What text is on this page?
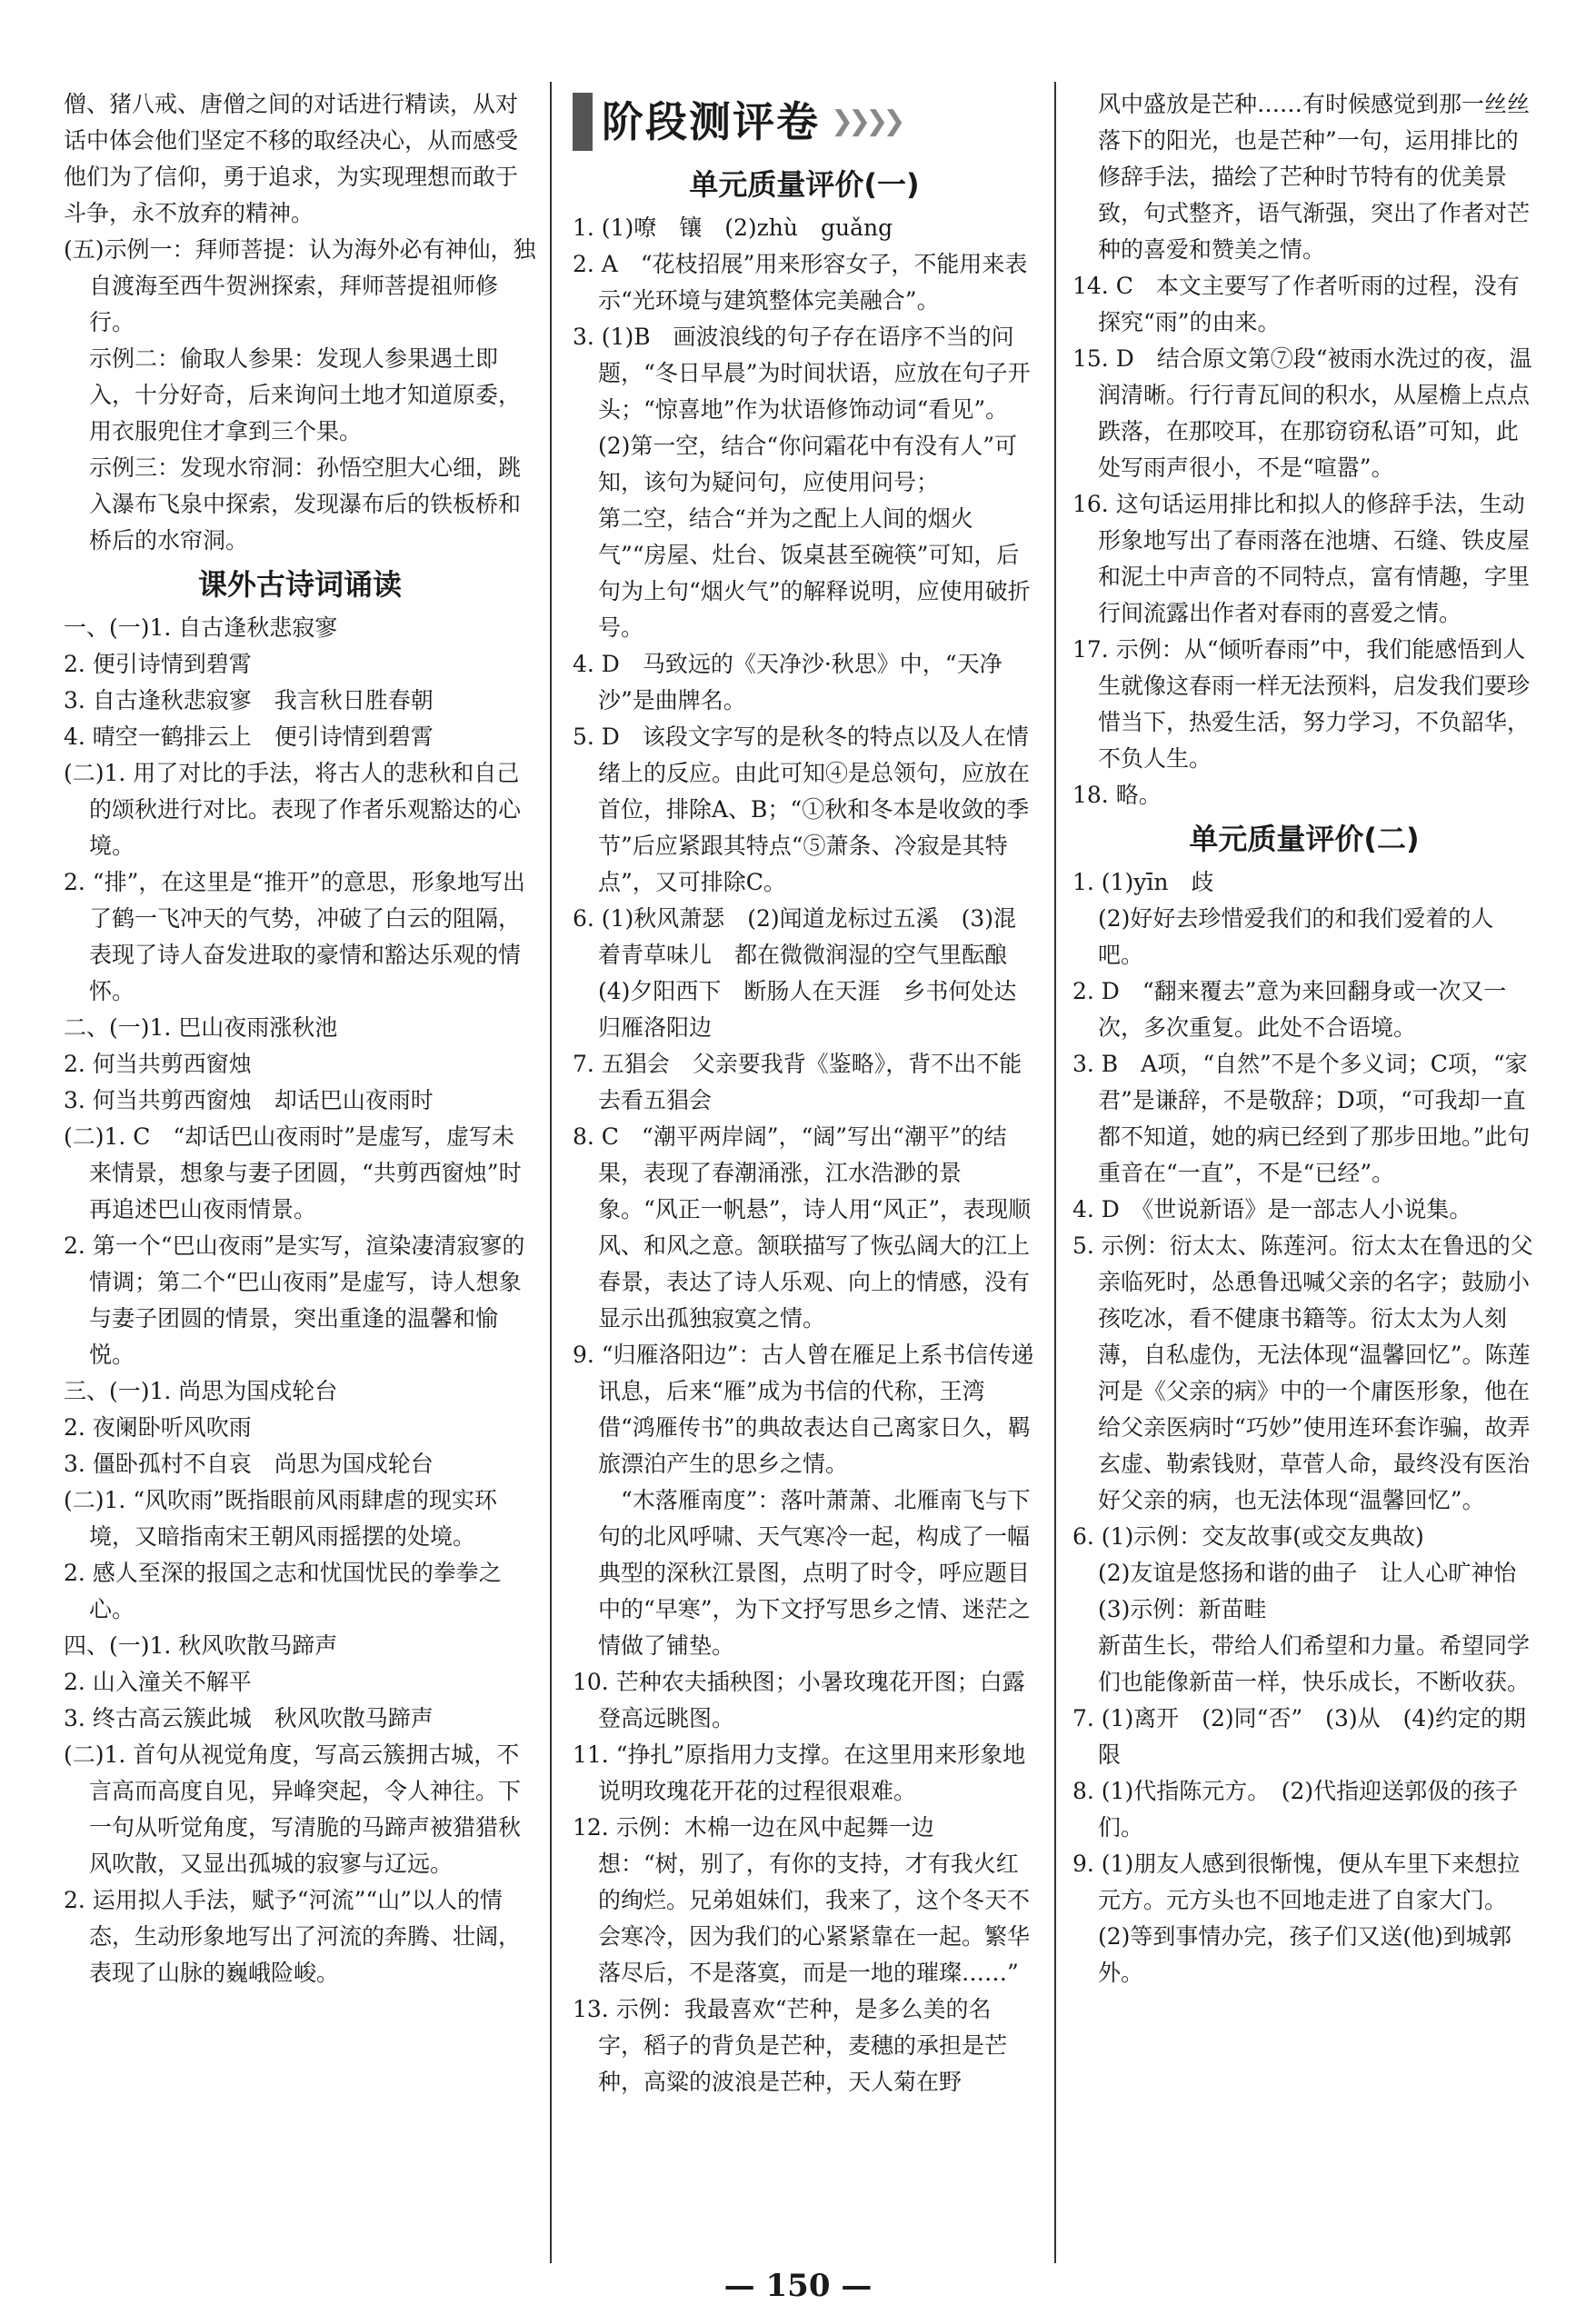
僧、猪八戒、唐僧之间的对话进行精读，从对话中体会他们坚定不移的取经决心，从而感受他们为了信仰，勇于追求，为实现理想而敢于斗争，永不放弃的精神。

(五)示例一：拜师菩提：认为海外必有神仙，独自渡海至西牛贺洲探索，拜师菩提祖师修行。

示例二：偷取人参果：发现人参果遇土即入，十分好奇，后来询问土地才知道原委，用衣服兜住才拿到三个果。

示例三：发现水帘洞：孙悟空胆大心细，跳入瀑布飞泉中探索，发现瀑布后的铁板桥和桥后的水帘洞。

课外古诗词诵读

一、(一)1. 自古逢秋悲寂寥

2. 便引诗情到碧霄

3. 自古逢秋悲寂寥　我言秋日胜春朝

4. 晴空一鹤排云上　便引诗情到碧霄

(二)1. 用了对比的手法，将古人的悲秋和自己的颂秋进行对比。表现了作者乐观豁达的心境。

2. “排”，在这里是“推开”的意思，形象地写出了鹤一飞冲天的气势，冲破了白云的阻隔，表现了诗人奋发进取的豪情和豁达乐观的情怀。

二、(一)1. 巴山夜雨涨秋池

2. 何当共剪西窗烛

3. 何当共剪西窗烛　却话巴山夜雨时

(二)1. C　“却话巴山夜雨时”是虚写，虚写未来情景，想象与妻子团圆，“共剪西窗烛”时再追述巴山夜雨情景。

2. 第一个“巴山夜雨”是实写，渲染凄清寂寥的情调；第二个“巴山夜雨”是虚写，诗人想象与妻子团圆的情景，突出重逢的温馨和愉悦。

三、(一)1. 尚思为国戍轮台

2. 夜阑卧听风吹雨

3. 僵卧孤村不自哀　尚思为国戍轮台

(二)1. “风吹雨”既指眼前风雨肆虐的现实环境，又暗指南宋王朝风雨摇摆的处境。

2. 感人至深的报国之志和忧国忧民的拳拳之心。

四、(一)1. 秋风吹散马蹄声

2. 山入潼关不解平

3. 终古高云簇此城　秋风吹散马蹄声

(二)1. 首句从视觉角度，写高云簇拥古城，不言高而高度自见，异峰突起，令人神往。下一句从听觉角度，写清脆的马蹄声被猎猎秋风吹散，又显出孤城的寂寥与辽远。

2. 运用拟人手法，赋予“河流”“山”以人的情态，生动形象地写出了河流的奔腾、壮阔，表现了山脉的巍峨险峻。

阶段测评卷 ❯❯❯❯
单元质量评价(一)

1. (1)嘹　镶　(2)zhù　guǎng

2. A　“花枝招展”用来形容女子，不能用来表示“光环境与建筑整体完美融合”。

3. (1)B　画波浪线的句子存在语序不当的问题，“冬日早晨”为时间状语，应放在句子开头；“惊喜地”作为状语修饰动词“看见”。

(2)第一空，结合“你问霜花中有没有人”可知，该句为疑问句，应使用问号；

第二空，结合“并为之配上人间的烟火气”“房屋、灶台、饭桌甚至碗筷”可知，后句为上句“烟火气”的解释说明，应使用破折号。

4. D　马致远的《天净沙·秋思》中，“天净沙”是曲牌名。

5. D　该段文字写的是秋冬的特点以及人在情绪上的反应。由此可知④是总领句，应放在首位，排除A、B；“①秋和冬本是收敛的季节”后应紧跟其特点“⑤萧条、冷寂是其特点”，又可排除C。

6. (1)秋风萧瑟　(2)闻道龙标过五溪　(3)混着青草味儿　都在微微润湿的空气里酝酿　(4)夕阳西下　断肠人在天涯　乡书何处达　归雁洛阳边

7. 五猖会　父亲要我背《鉴略》，背不出不能去看五猖会

8. C　“潮平两岸阔”，“阔”写出“潮平”的结果，表现了春潮涌涨，江水浩渺的景象。“风正一帆悬”，诗人用“风正”，表现顺风、和风之意。颔联描写了恢弘阔大的江上春景，表达了诗人乐观、向上的情感，没有显示出孤独寂寞之情。

9. “归雁洛阳边”：古人曾在雁足上系书信传递讯息，后来“雁”成为书信的代称，王湾借“鸿雁传书”的典故表达自己离家日久，羁旅漂泊产生的思乡之情。

　“木落雁南度”：落叶萧萧、北雁南飞与下句的北风呼啸、天气寒冷一起，构成了一幅典型的深秋江景图，点明了时令，呼应题目中的“早寒”，为下文抒写思乡之情、迷茫之情做了铺垫。

10. 芒种农夫插秧图；小暑玫瑰花开图；白露登高远眺图。

11. “挣扎”原指用力支撑。在这里用来形象地说明玫瑰花开花的过程很艰难。

12. 示例：木棉一边在风中起舞一边想：“树，别了，有你的支持，才有我火红的绚烂。兄弟姐妹们，我来了，这个冬天不会寒冷，因为我们的心紧紧靠在一起。繁华落尽后，不是落寞，而是一地的璀璨……”

13. 示例：我最喜欢“芒种，是多么美的名字，稻子的背负是芒种，麦穗的承担是芒种，高粱的波浪是芒种，天人菊在野

风中盛放是芒种……有时候感觉到那一丝丝落下的阳光，也是芒种”一句，运用排比的修辞手法，描绘了芒种时节特有的优美景致，句式整齐，语气渐强，突出了作者对芒种的喜爱和赞美之情。

14. C　本文主要写了作者听雨的过程，没有探究“雨”的由来。

15. D　结合原文第⑦段“被雨水洗过的夜，温润清晰。行行青瓦间的积水，从屋檐上点点跌落，在那咬耳，在那窃窃私语”可知，此处写雨声很小，不是“喧嚣”。

16. 这句话运用排比和拟人的修辞手法，生动形象地写出了春雨落在池塘、石缝、铁皮屋和泥土中声音的不同特点，富有情趣，字里行间流露出作者对春雨的喜爱之情。

17. 示例：从“倾听春雨”中，我们能感悟到人生就像这春雨一样无法预料，启发我们要珍惜当下，热爱生活，努力学习，不负韶华，不负人生。

18. 略。

单元质量评价(二)

1. (1)yīn　歧

(2)好好去珍惜爱我们的和我们爱着的人吧。

2. D　“翻来覆去”意为来回翻身或一次又一次，多次重复。此处不合语境。

3. B　A项，“自然”不是个多义词；C项，“家君”是谦辞，不是敬辞；D项，“可我却一直都不知道，她的病已经到了那步田地。”此句重音在“一直”，不是“已经”。

4. D　《世说新语》是一部志人小说集。

5. 示例：衍太太、陈莲河。衍太太在鲁迅的父亲临死时，怂恿鲁迅喊父亲的名字；鼓励小孩吃冰，看不健康书籍等。衍太太为人刻薄，自私虚伪，无法体现“温馨回忆”。陈莲河是《父亲的病》中的一个庸医形象，他在给父亲医病时“巧妙”使用连环套诈骗，故弄玄虚、勒索钱财，草菅人命，最终没有医治好父亲的病，也无法体现“温馨回忆”。

6. (1)示例：交友故事(或交友典故)

(2)友谊是悠扬和谐的曲子　让人心旷神怡

(3)示例：新苗畦

新苗生长，带给人们希望和力量。希望同学们也能像新苗一样，快乐成长，不断收获。

7. (1)离开　(2)同“否”　(3)从　(4)约定的期限

8. (1)代指陈元方。　(2)代指迎送郭伋的孩子们。

9. (1)朋友人感到很惭愧，便从车里下来想拉元方。元方头也不回地走进了自家大门。

(2)等到事情办完，孩子们又送(他)到城郭外。

— 150 —
